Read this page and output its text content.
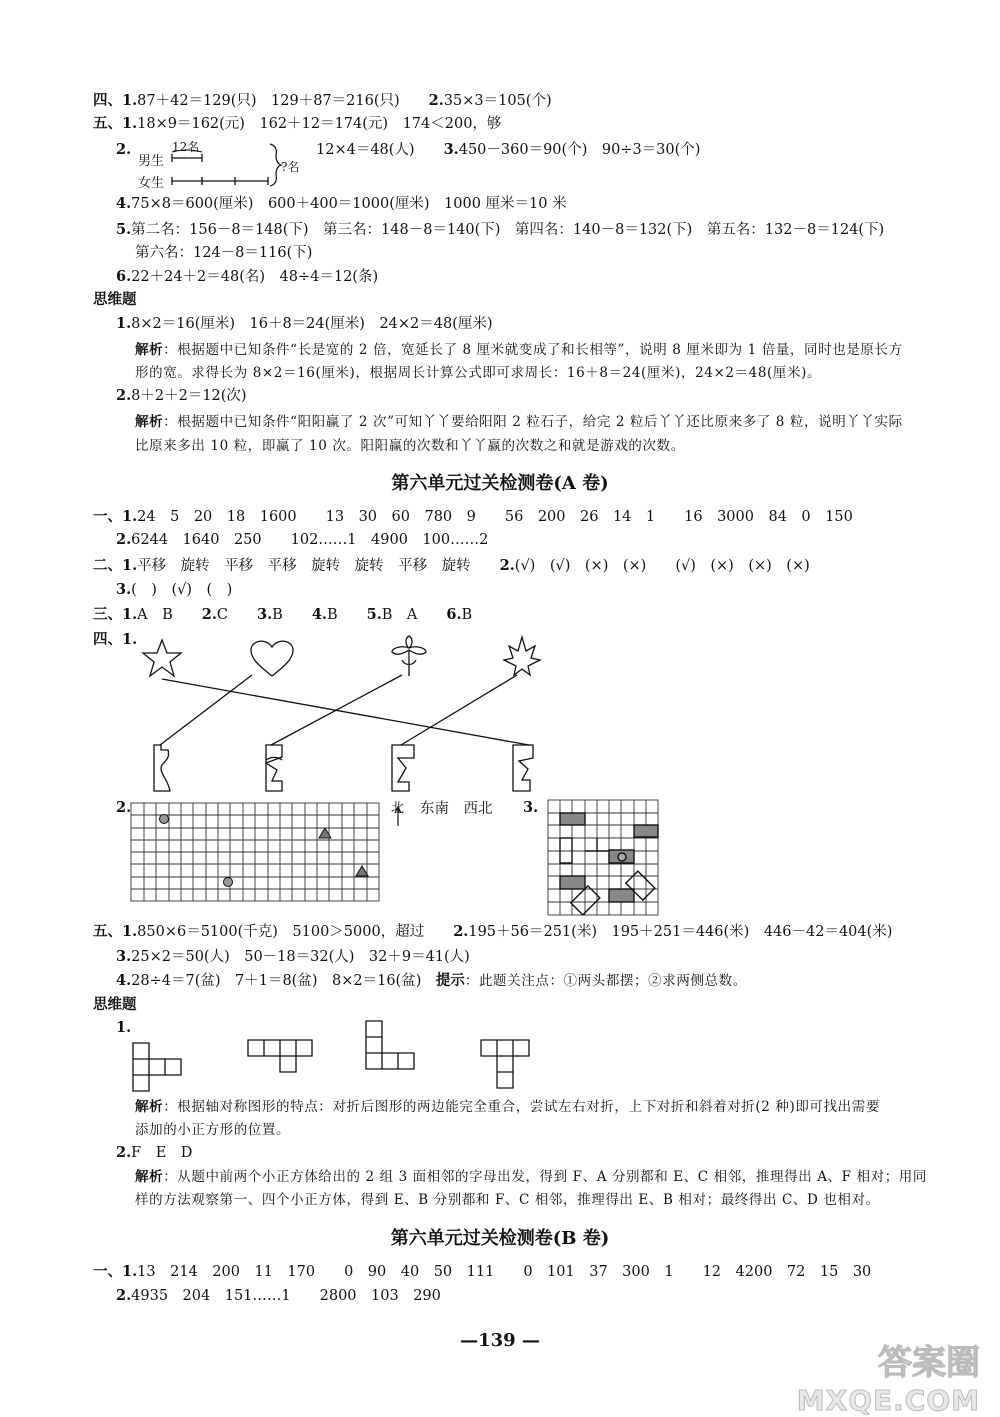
四、1.87＋42＝129(只)　129＋87＝216(只)　　2.35×3＝105(个)
五、1.18×9＝162(元)　162＋12＝174(元)　174＜200，够
2.
男生
女生
12名
?名
12×4＝48(人)　　3.450－360＝90(个)　90÷3＝30(个)
4.75×8＝600(厘米)　600＋400＝1000(厘米)　1000 厘米＝10 米
5.第二名：156－8＝148(下)　第三名：148－8＝140(下)　第四名：140－8＝132(下)　第五名：132－8＝124(下)
第六名：124－8＝116(下)
6.22＋24＋2＝48(名)　48÷4＝12(条)
思维题
1.8×2＝16(厘米)　16＋8＝24(厘米)　24×2＝48(厘米)
解析：根据题中已知条件“长是宽的 2 倍，宽延长了 8 厘米就变成了和长相等”，说明 8 厘米即为 1 倍量，同时也是原长方
形的宽。求得长为 8×2＝16(厘米)，根据周长计算公式即可求周长：16＋8＝24(厘米)，24×2＝48(厘米)。
2.8＋2＋2＝12(次)
解析：根据题中已知条件“阳阳赢了 2 次”可知丫丫要给阳阳 2 粒石子，给完 2 粒后丫丫还比原来多了 8 粒，说明丫丫实际
比原来多出 10 粒，即赢了 10 次。阳阳赢的次数和丫丫赢的次数之和就是游戏的次数。
第六单元过关检测卷(A 卷)
一、1.24　5　20　18　1600　　13　30　60　780　9　　56　200　26　14　1　　16　3000　84　0　150
2.6244　1640　250　　102……1　4900　100……2
二、1.平移　旋转　平移　平移　旋转　旋转　平移　旋转　　2.(√)　(√)　(×)　(×)　　(√)　(×)　(×)　(×)
3.(　)　(√)　(　)
三、1.A　B　　2.C　　3.B　　4.B　　5.B　A　　6.B
四、1.
2.	北 东南　西北 3.
五、1.850×6＝5100(千克)　5100＞5000，超过　　2.195＋56＝251(米)　195＋251＝446(米)　446－42＝404(米)
3.25×2＝50(人)　50－18＝32(人)　32＋9＝41(人)
4.28÷4＝7(盆)　7＋1＝8(盆)　8×2＝16(盆)　提示：此题关注点：①两头都摆；②求两侧总数。
思维题
1.
解析：根据轴对称图形的特点：对折后图形的两边能完全重合，尝试左右对折，上下对折和斜着对折(2 种)即可找出需要
添加的小正方形的位置。
2.F　E　D
解析：从题中前两个小正方体给出的 2 组 3 面相邻的字母出发，得到 F、A 分别都和 E、C 相邻，推理得出 A、F 相对；用同
样的方法观察第一、四个小正方体，得到 E、B 分别都和 F、C 相邻，推理得出 E、B 相对；最终得出 C、D 也相对。
第六单元过关检测卷(B 卷)
一、1.13　214　200　11　170　　0　90　40　50　111　　0　101　37　300　1　　12　4200　72　15　30
2.4935　204　151……1　　2800　103　290
—139 —
答案圈
MXQE.COM
